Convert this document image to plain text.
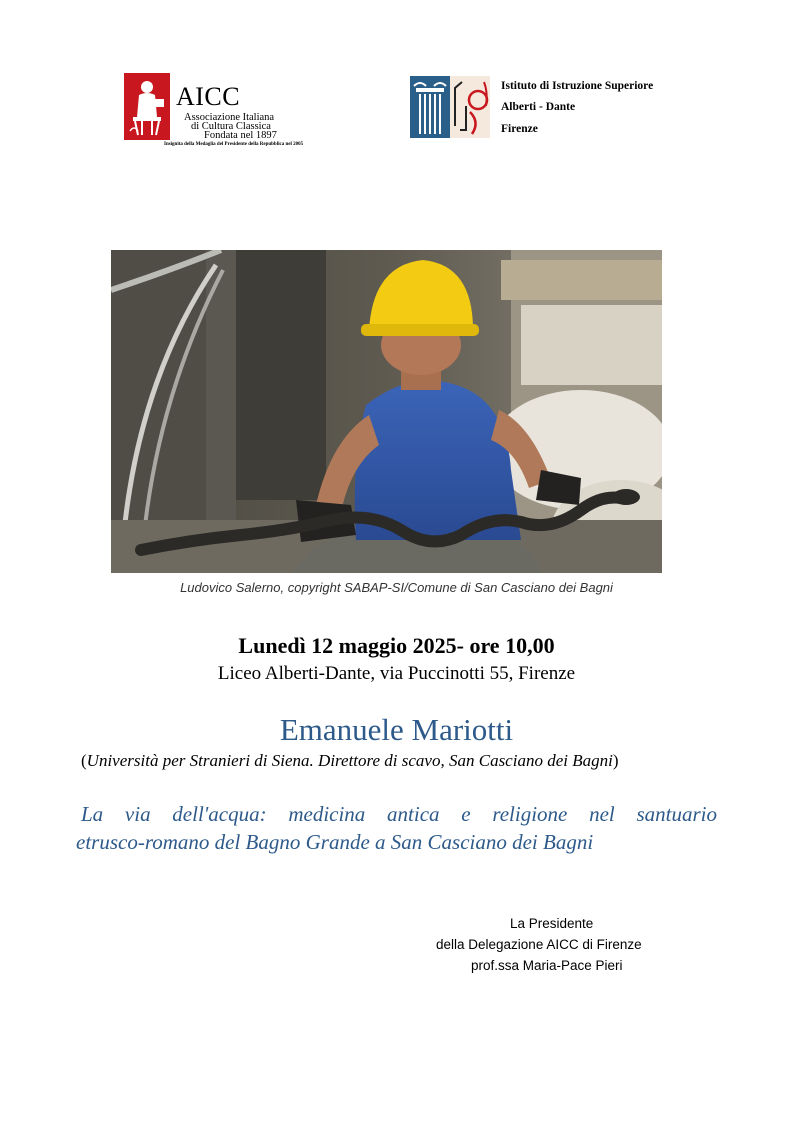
AICC
Associazione Italiana
di Cultura Classica
Fondata nel 1897
Insignita della Medaglia del Presidente della Repubblica nel 2005
Istituto di Istruzione Superiore
Alberti - Dante
Firenze
Ludovico Salerno, copyright SABAP-SI/Comune di San Casciano dei Bagni
Lunedì 12 maggio 2025- ore 10,00
Liceo Alberti-Dante, via Puccinotti 55, Firenze
Emanuele Mariotti
(Università per Stranieri di Siena. Direttore di scavo, San Casciano dei Bagni)
La via dell'acqua: medicina antica e religione nel santuario
etrusco-romano del Bagno Grande a San Casciano dei Bagni
La Presidente
della Delegazione AICC di Firenze
prof.ssa Maria-Pace Pieri
